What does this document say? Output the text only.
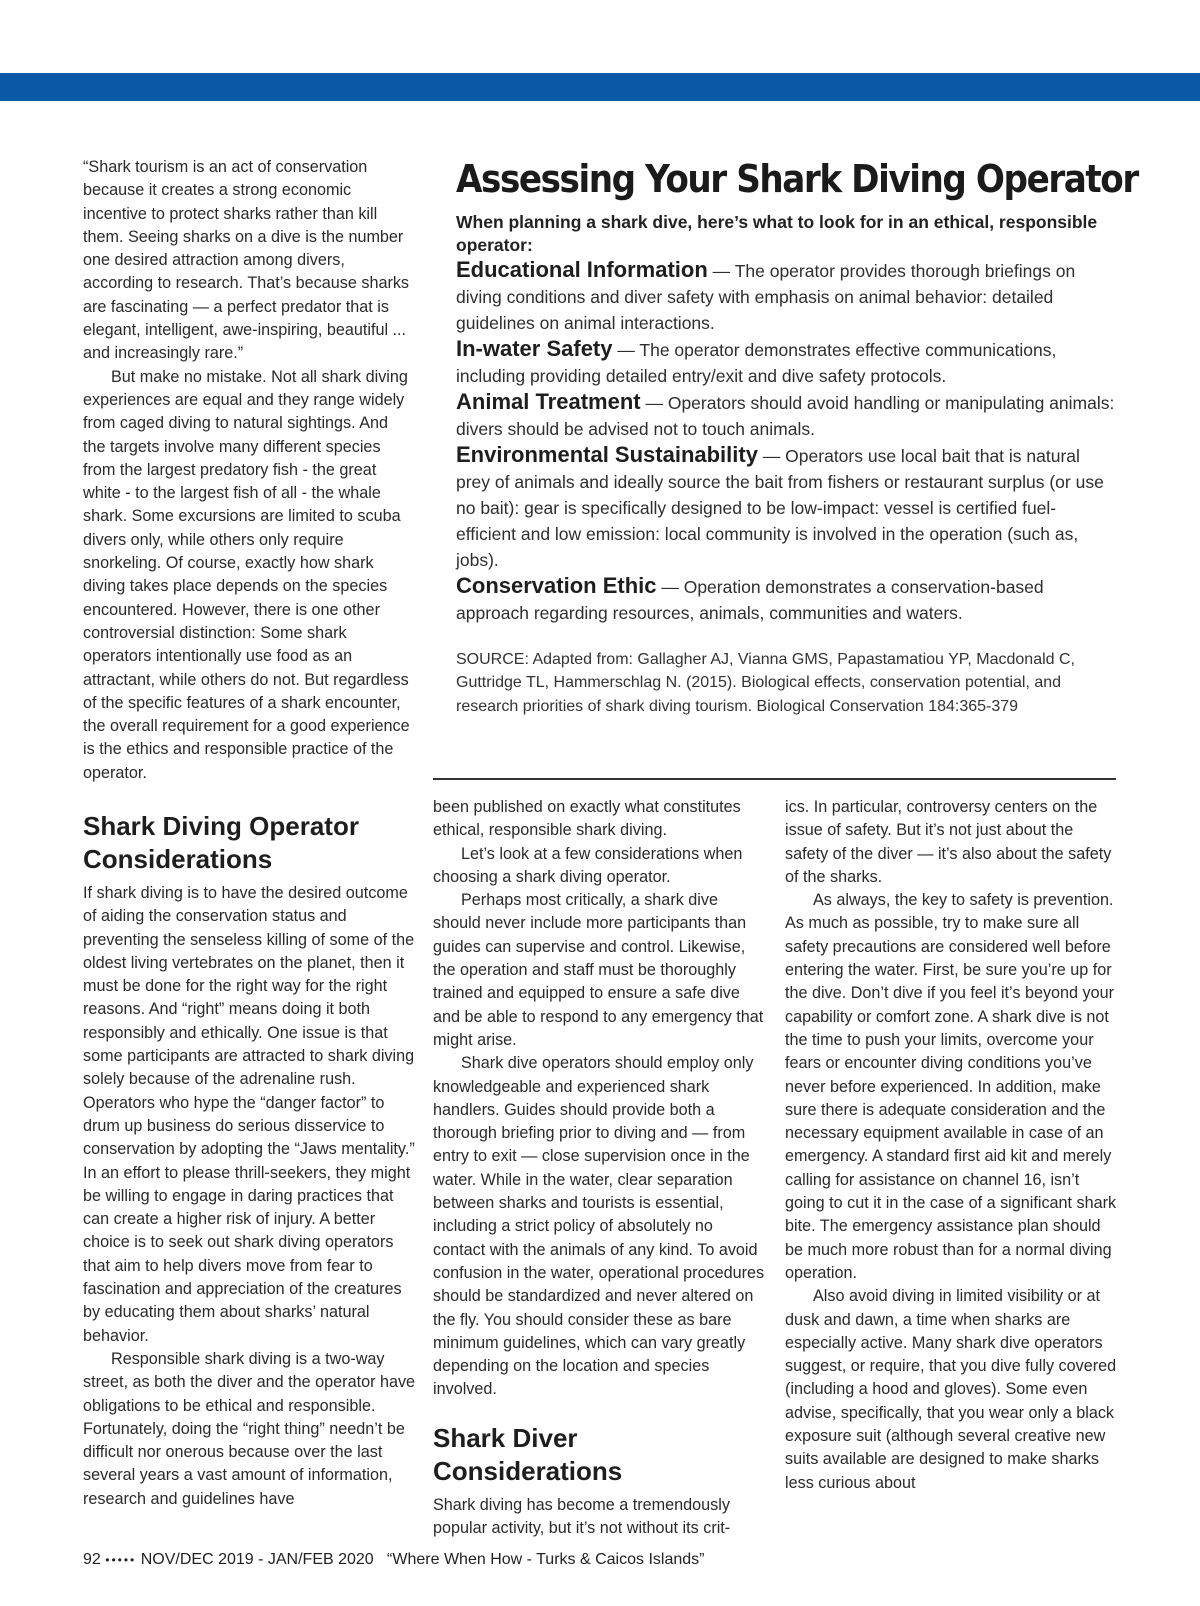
“Shark tourism is an act of conservation because it creates a strong economic incentive to protect sharks rather than kill them. Seeing sharks on a dive is the number one desired attraction among divers, according to research. That’s because sharks are fascinating — a perfect predator that is elegant, intelligent, awe-inspiring, beautiful ... and increasingly rare.”

But make no mistake. Not all shark diving experiences are equal and they range widely from caged diving to natural sightings. And the targets involve many different species from the largest predatory fish - the great white - to the largest fish of all - the whale shark. Some excursions are limited to scuba divers only, while others only require snorkeling. Of course, exactly how shark diving takes place depends on the species encountered. However, there is one other controversial distinction: Some shark operators intentionally use food as an attractant, while others do not. But regardless of the specific features of a shark encounter, the overall requirement for a good experience is the ethics and responsible practice of the operator.

Assessing Your Shark Diving Operator

When planning a shark dive, here’s what to look for in an ethical, responsible operator:

Educational Information — The operator provides thorough briefings on diving conditions and diver safety with emphasis on animal behavior: detailed guidelines on animal interactions.

In-water Safety — The operator demonstrates effective communications, including providing detailed entry/exit and dive safety protocols.

Animal Treatment — Operators should avoid handling or manipulating animals: divers should be advised not to touch animals.

Environmental Sustainability — Operators use local bait that is natural prey of animals and ideally source the bait from fishers or restaurant surplus (or use no bait): gear is specifically designed to be low-impact: vessel is certified fuel-efficient and low emission: local community is involved in the operation (such as, jobs).

Conservation Ethic — Operation demonstrates a conservation-based approach regarding resources, animals, communities and waters.

SOURCE: Adapted from: Gallagher AJ, Vianna GMS, Papastamatiou YP, Macdonald C, Guttridge TL, Hammerschlag N. (2015). Biological effects, conservation potential, and research priorities of shark diving tourism. Biological Conservation 184:365-379

Shark Diving Operator Considerations

If shark diving is to have the desired outcome of aiding the conservation status and preventing the senseless killing of some of the oldest living vertebrates on the planet, then it must be done for the right way for the right reasons. And “right” means doing it both responsibly and ethically. One issue is that some participants are attracted to shark diving solely because of the adrenaline rush. Operators who hype the “danger factor” to drum up business do serious disservice to conservation by adopting the “Jaws mentality.” In an effort to please thrill-seekers, they might be willing to engage in daring practices that can create a higher risk of injury. A better choice is to seek out shark diving operators that aim to help divers move from fear to fascination and appreciation of the creatures by educating them about sharks’ natural behavior.

Responsible shark diving is a two-way street, as both the diver and the operator have obligations to be ethical and responsible. Fortunately, doing the “right thing” needn’t be difficult nor onerous because over the last several years a vast amount of information, research and guidelines have

been published on exactly what constitutes ethical, responsible shark diving.

Let’s look at a few considerations when choosing a shark diving operator.

Perhaps most critically, a shark dive should never include more participants than guides can supervise and control. Likewise, the operation and staff must be thoroughly trained and equipped to ensure a safe dive and be able to respond to any emergency that might arise.

Shark dive operators should employ only knowledgeable and experienced shark handlers. Guides should provide both a thorough briefing prior to diving and — from entry to exit — close supervision once in the water. While in the water, clear separation between sharks and tourists is essential, including a strict policy of absolutely no contact with the animals of any kind. To avoid confusion in the water, operational procedures should be standardized and never altered on the fly. You should consider these as bare minimum guidelines, which can vary greatly depending on the location and species involved.

Shark Diver Considerations

Shark diving has become a tremendously popular activity, but it’s not without its crit-

ics. In particular, controversy centers on the issue of safety. But it’s not just about the safety of the diver — it’s also about the safety of the sharks.

As always, the key to safety is prevention. As much as possible, try to make sure all safety precautions are considered well before entering the water. First, be sure you’re up for the dive. Don’t dive if you feel it’s beyond your capability or comfort zone. A shark dive is not the time to push your limits, overcome your fears or encounter diving conditions you’ve never before experienced. In addition, make sure there is adequate consideration and the necessary equipment available in case of an emergency. A standard first aid kit and merely calling for assistance on channel 16, isn’t going to cut it in the case of a significant shark bite. The emergency assistance plan should be much more robust than for a normal diving operation.

Also avoid diving in limited visibility or at dusk and dawn, a time when sharks are especially active. Many shark dive operators suggest, or require, that you dive fully covered (including a hood and gloves). Some even advise, specifically, that you wear only a black exposure suit (although several creative new suits available are designed to make sharks less curious about

92 ••••• NOV/DEC 2019 - JAN/FEB 2020 “Where When How - Turks & Caicos Islands”
